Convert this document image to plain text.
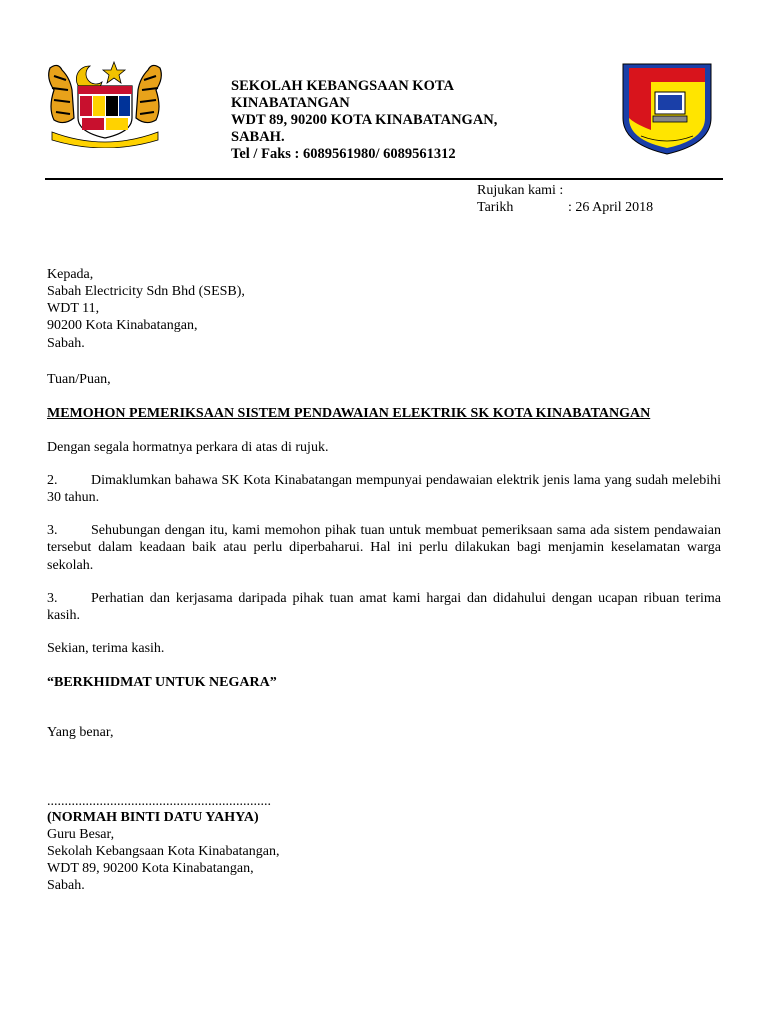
SEKOLAH KEBANGSAAN KOTA
KINABATANGAN
WDT 89, 90200 KOTA KINABATANGAN,
SABAH.
Tel / Faks : 6089561980/ 6089561312
Rujukan kami :
Tarikh	: 26 April 2018
Kepada,
Sabah Electricity Sdn Bhd (SESB),
WDT 11,
90200 Kota Kinabatangan,
Sabah.
Tuan/Puan,
MEMOHON PEMERIKSAAN SISTEM PENDAWAIAN ELEKTRIK SK KOTA KINABATANGAN
Dengan segala hormatnya perkara di atas di rujuk.
2. Dimaklumkan bahawa SK Kota Kinabatangan mempunyai pendawaian elektrik jenis lama yang sudah melebihi 30 tahun.
3. Sehubungan dengan itu, kami memohon pihak tuan untuk membuat pemeriksaan sama ada sistem pendawaian tersebut dalam keadaan baik atau perlu diperbaharui. Hal ini perlu dilakukan bagi menjamin keselamatan warga sekolah.
3. Perhatian dan kerjasama daripada pihak tuan amat kami hargai dan didahului dengan ucapan ribuan terima kasih.
Sekian, terima kasih.
“BERKHIDMAT UNTUK NEGARA”
Yang benar,
................................................................
(NORMAH BINTI DATU YAHYA)
Guru Besar,
Sekolah Kebangsaan Kota Kinabatangan,
WDT 89, 90200 Kota Kinabatangan,
Sabah.
